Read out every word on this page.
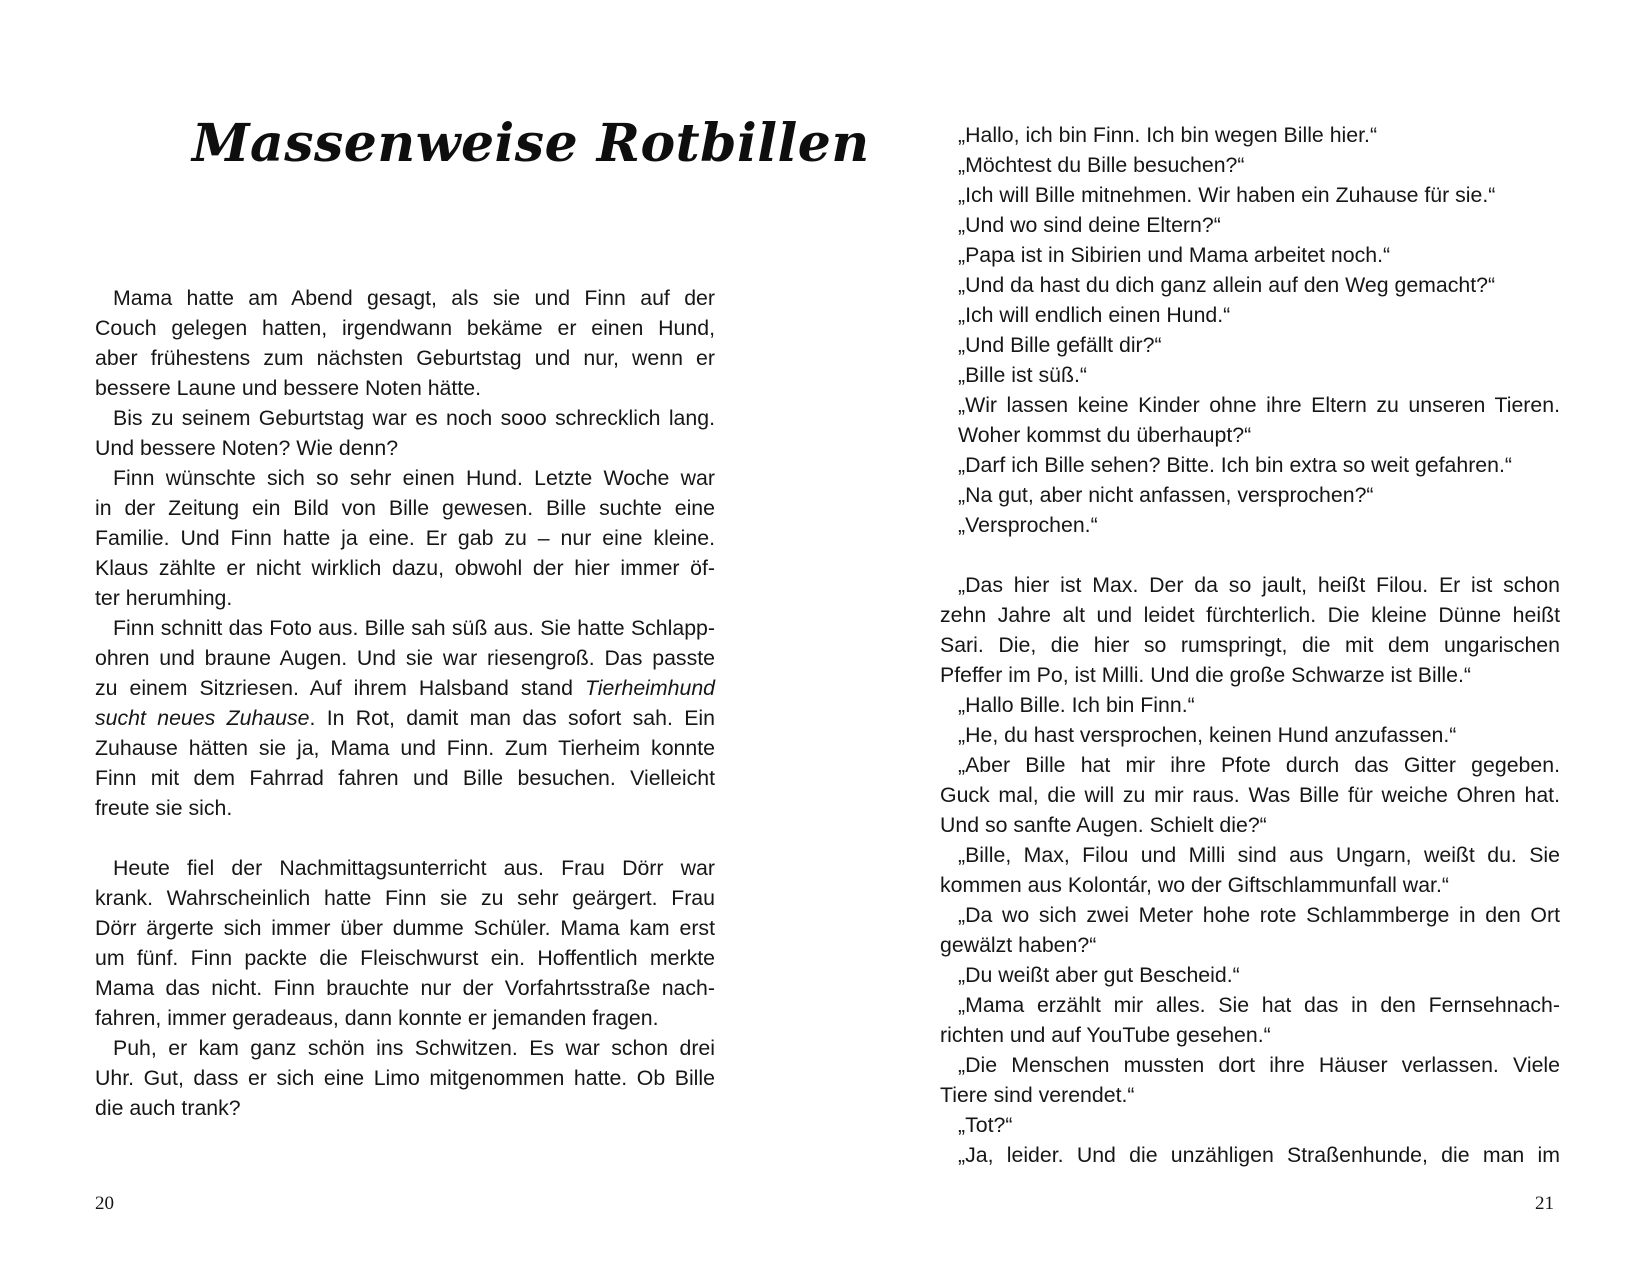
Massenweise Rotbillen
Mama hatte am Abend gesagt, als sie und Finn auf der
Couch gelegen hatten, irgendwann bekäme er einen Hund,
aber frühestens zum nächsten Geburtstag und nur, wenn er
bessere Laune und bessere Noten hätte.
Bis zu seinem Geburtstag war es noch sooo schrecklich lang.
Und bessere Noten? Wie denn?
Finn wünschte sich so sehr einen Hund. Letzte Woche war
in der Zeitung ein Bild von Bille gewesen. Bille suchte eine
Familie. Und Finn hatte ja eine. Er gab zu – nur eine kleine.
Klaus zählte er nicht wirklich dazu, obwohl der hier immer öf-
ter herumhing.
Finn schnitt das Foto aus. Bille sah süß aus. Sie hatte Schlapp-
ohren und braune Augen. Und sie war riesengroß. Das passte
zu einem Sitzriesen. Auf ihrem Halsband stand Tierheimhund
sucht neues Zuhause. In Rot, damit man das sofort sah. Ein
Zuhause hätten sie ja, Mama und Finn. Zum Tierheim konnte
Finn mit dem Fahrrad fahren und Bille besuchen. Vielleicht
freute sie sich.
Heute fiel der Nachmittagsunterricht aus. Frau Dörr war
krank. Wahrscheinlich hatte Finn sie zu sehr geärgert. Frau
Dörr ärgerte sich immer über dumme Schüler. Mama kam erst
um fünf. Finn packte die Fleischwurst ein. Hoffentlich merkte
Mama das nicht. Finn brauchte nur der Vorfahrtsstraße nach-
fahren, immer geradeaus, dann konnte er jemanden fragen.
Puh, er kam ganz schön ins Schwitzen. Es war schon drei
Uhr. Gut, dass er sich eine Limo mitgenommen hatte. Ob Bille
die auch trank?
20
„Hallo, ich bin Finn. Ich bin wegen Bille hier.“
„Möchtest du Bille besuchen?“
„Ich will Bille mitnehmen. Wir haben ein Zuhause für sie.“
„Und wo sind deine Eltern?“
„Papa ist in Sibirien und Mama arbeitet noch.“
„Und da hast du dich ganz allein auf den Weg gemacht?“
„Ich will endlich einen Hund.“
„Und Bille gefällt dir?“
„Bille ist süß.“
„Wir lassen keine Kinder ohne ihre Eltern zu unseren Tieren.
Woher kommst du überhaupt?“
„Darf ich Bille sehen? Bitte. Ich bin extra so weit gefahren.“
„Na gut, aber nicht anfassen, versprochen?“
„Versprochen.“
„Das hier ist Max. Der da so jault, heißt Filou. Er ist schon
zehn Jahre alt und leidet fürchterlich. Die kleine Dünne heißt
Sari. Die, die hier so rumspringt, die mit dem ungarischen
Pfeffer im Po, ist Milli. Und die große Schwarze ist Bille.“
„Hallo Bille. Ich bin Finn.“
„He, du hast versprochen, keinen Hund anzufassen.“
„Aber Bille hat mir ihre Pfote durch das Gitter gegeben.
Guck mal, die will zu mir raus. Was Bille für weiche Ohren hat.
Und so sanfte Augen. Schielt die?“
„Bille, Max, Filou und Milli sind aus Ungarn, weißt du. Sie
kommen aus Kolontár, wo der Giftschlammunfall war.“
„Da wo sich zwei Meter hohe rote Schlammberge in den Ort
gewälzt haben?“
„Du weißt aber gut Bescheid.“
„Mama erzählt mir alles. Sie hat das in den Fernsehnach-
richten und auf YouTube gesehen.“
„Die Menschen mussten dort ihre Häuser verlassen. Viele
Tiere sind verendet.“
„Tot?“
„Ja, leider. Und die unzähligen Straßenhunde, die man im
21
